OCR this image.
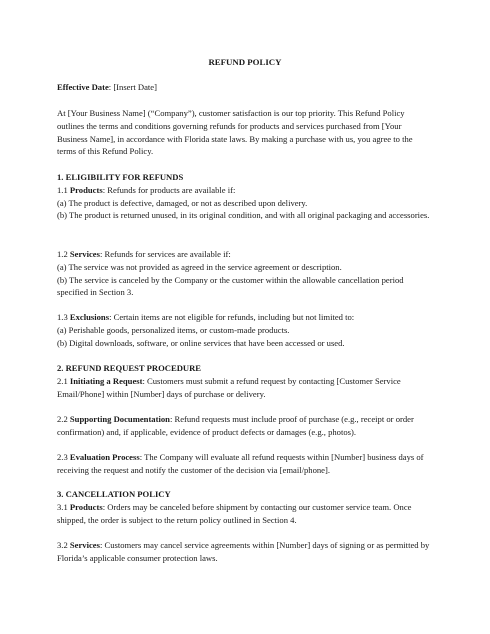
REFUND POLICY

Effective Date: [Insert Date]

At [Your Business Name] (“Company”), customer satisfaction is our top priority. This Refund Policy outlines the terms and conditions governing refunds for products and services purchased from [Your Business Name], in accordance with Florida state laws. By making a purchase with us, you agree to the terms of this Refund Policy.

1. ELIGIBILITY FOR REFUNDS

1.1 Products: Refunds for products are available if:

(a) The product is defective, damaged, or not as described upon delivery.

(b) The product is returned unused, in its original condition, and with all original packaging and accessories.

1.2 Services: Refunds for services are available if:

(a) The service was not provided as agreed in the service agreement or description.

(b) The service is canceled by the Company or the customer within the allowable cancellation period specified in Section 3.

1.3 Exclusions: Certain items are not eligible for refunds, including but not limited to:

(a) Perishable goods, personalized items, or custom-made products.

(b) Digital downloads, software, or online services that have been accessed or used.

2. REFUND REQUEST PROCEDURE

2.1 Initiating a Request: Customers must submit a refund request by contacting [Customer Service Email/Phone] within [Number] days of purchase or delivery.

2.2 Supporting Documentation: Refund requests must include proof of purchase (e.g., receipt or order confirmation) and, if applicable, evidence of product defects or damages (e.g., photos).

2.3 Evaluation Process: The Company will evaluate all refund requests within [Number] business days of receiving the request and notify the customer of the decision via [email/phone].

3. CANCELLATION POLICY

3.1 Products: Orders may be canceled before shipment by contacting our customer service team. Once shipped, the order is subject to the return policy outlined in Section 4.

3.2 Services: Customers may cancel service agreements within [Number] days of signing or as permitted by Florida’s applicable consumer protection laws.
